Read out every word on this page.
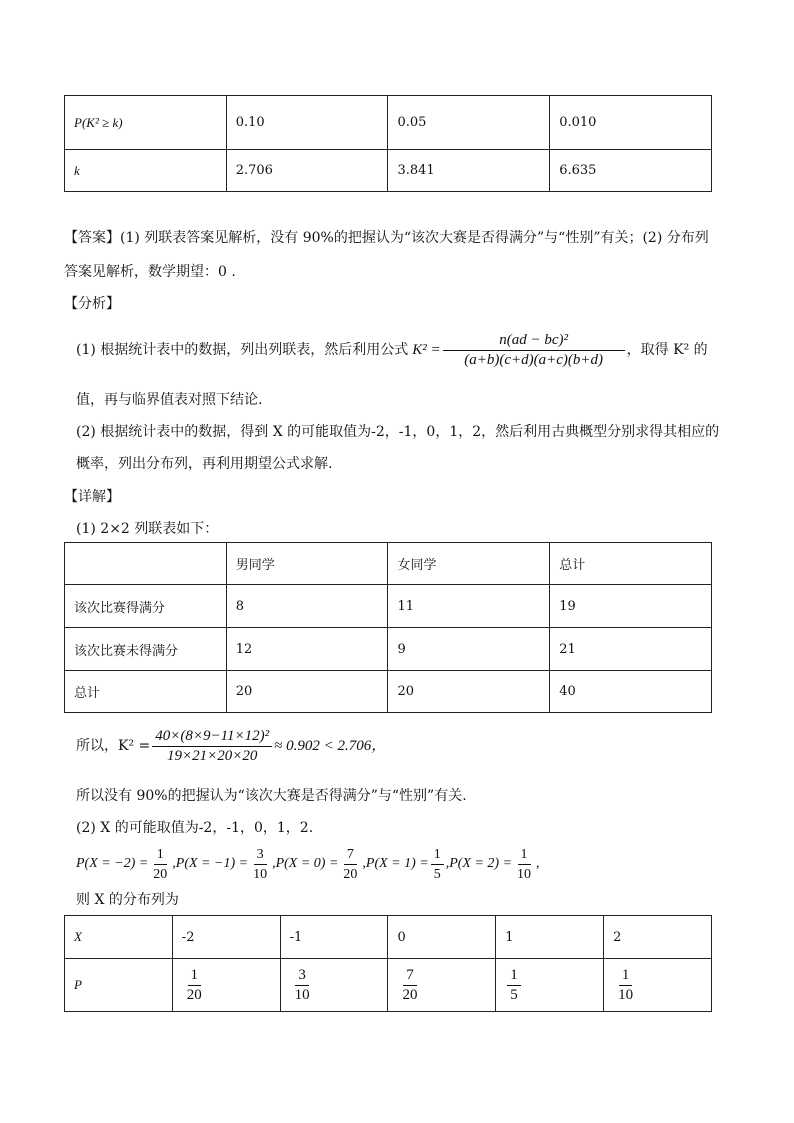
P(K² ≥ k)	0.10	0.05	0.010
k	2.706	3.841	6.635
【答案】(1) 列联表答案见解析，没有 90%的把握认为“该次大赛是否得满分”与“性别”有关；(2) 分布列
答案见解析，数学期望：0 .
【分析】
(1) 根据统计表中的数据，列出列联表，然后利用公式 $K^2 = \frac{\text{n(ad − bc)²}}{(a+b)(c+d)(a+c)(b+d)}$ ，取得 K² 的
值，再与临界值表对照下结论.
(2) 根据统计表中的数据，得到 X 的可能取值为-2，-1，0，1，2，然后利用古典概型分别求得其相应的
概率，列出分布列，再利用期望公式求解.
【详解】
(1) 2×2 列联表如下：
	男同学	女同学	总计
该次比赛得满分	8	11	19
该次比赛未得满分	12	9	21
总计	20	20	40
所以，$K^2 = \frac{\text{40×(8×9−11×12)²}}{19\times 21\times 20\times 20} \approx 0.902 < 2.706$，
所以没有 90%的把握认为“该次大赛是否得满分”与“性别”有关.
(2) X 的可能取值为-2，-1，0，1，2.
$P(X = -2) = \frac{1}{20}$ , $P(X = -1) = \frac{3}{10}$ , $P(X = 0) = \frac{7}{20}$ , $P(X = 1) = \frac{1}{5}$ , $P(X = 2) = \frac{1}{10}$ ,
则 X 的分布列为
X	-2	-1	0	1	2
P	$\frac{1}{20}$	$\frac{3}{10}$	$\frac{7}{20}$	$\frac{1}{5}$	$\frac{1}{10}$
